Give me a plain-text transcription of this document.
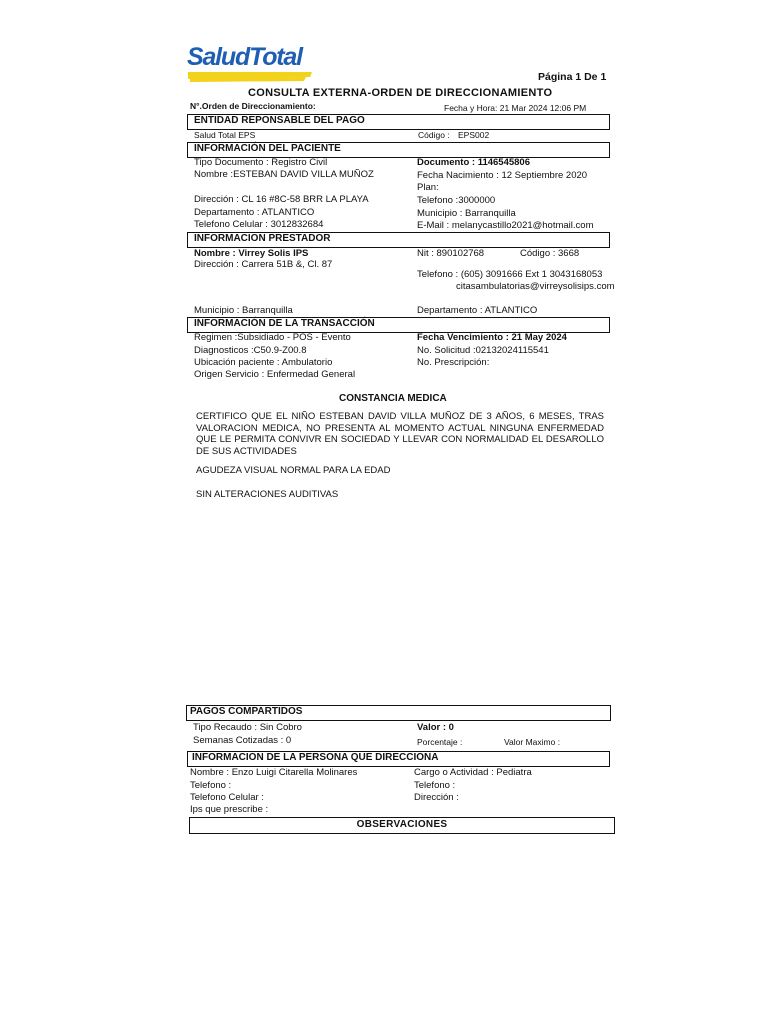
SaludTotal
Página 1 De 1
CONSULTA EXTERNA-ORDEN DE DIRECCIONAMIENTO
N°.Orden de Direccionamiento:	Fecha y Hora: 21 Mar 2024 12:06 PM
ENTIDAD REPONSABLE DEL PAGO
Salud Total EPS	Código : EPS002
INFORMACIÓN DEL PACIENTE
Tipo Documento : Registro Civil	Documento : 1146545806
Nombre :ESTEBAN DAVID VILLA MUÑOZ	Fecha Nacimiento : 12 Septiembre 2020
Plan:
Dirección : CL 16 #8C-58 BRR LA PLAYA	Telefono :3000000
Departamento : ATLANTICO	Municipio : Barranquilla
Telefono Celular : 3012832684	E-Mail : melanycastillo2021@hotmail.com
INFORMACION PRESTADOR
Nombre : Virrey Solis IPS	Nit : 890102768	Código : 3668
Dirección : Carrera 51B &, Cl. 87
Telefono : (605) 3091666 Ext 1 3043168053
citasambulatorias@virreysolisips.com
Municipio : Barranquilla	Departamento : ATLANTICO
INFORMACIÓN DE LA TRANSACCIÓN
Regimen :Subsidiado - POS - Evento	Fecha Vencimiento : 21 May 2024
Diagnosticos :C50.9-Z00.8	No. Solicitud :02132024115541
Ubicación paciente : Ambulatorio	No. Prescripción:
Origen Servicio : Enfermedad General
CONSTANCIA MEDICA
CERTIFICO QUE EL NIÑO ESTEBAN DAVID VILLA MUÑOZ DE 3 AÑOS, 6 MESES, TRAS VALORACION MEDICA, NO PRESENTA AL MOMENTO ACTUAL NINGUNA ENFERMEDAD QUE LE PERMITA CONVIVR EN SOCIEDAD Y LLEVAR CON NORMALIDAD EL DESAROLLO DE SUS ACTIVIDADES
AGUDEZA VISUAL NORMAL PARA LA EDAD
SIN ALTERACIONES AUDITIVAS
PAGOS COMPARTIDOS
Tipo Recaudo : Sin Cobro	Valor : 0
Semanas Cotizadas : 0	Porcentaje :	Valor Maximo :
INFORMACION DE LA PERSONA QUE DIRECCIONA
Nombre : Enzo Luigi Citarella Molinares	Cargo o Actividad : Pediatra
Telefono :	Telefono :
Telefono Celular :	Dirección :
Ips que prescribe :
OBSERVACIONES
